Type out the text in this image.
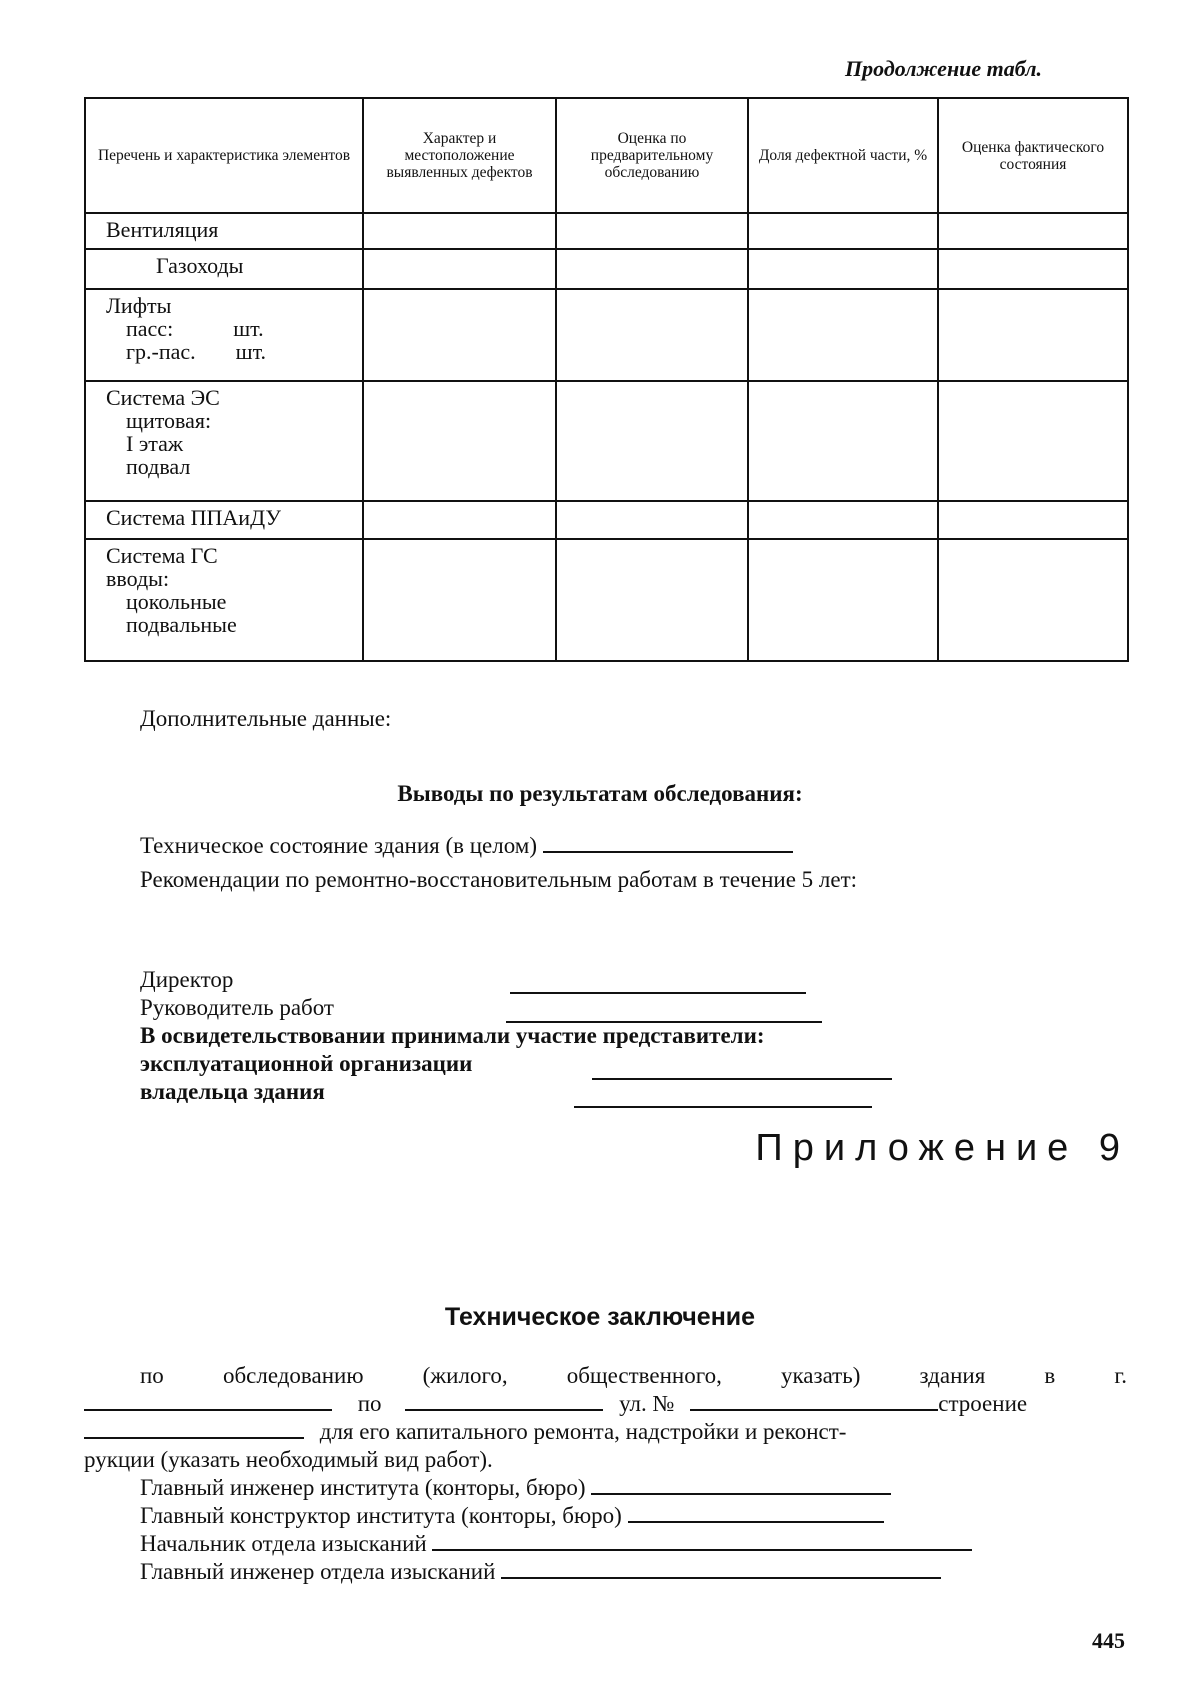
Продолжение табл.
Перечень и характеристика элементов	Характер и местоположение выявленных дефектов	Оценка по предварительному обследованию	Доля дефектной части, %	Оценка фактического состояния
Вентиляция				
Газоходы				

Лифты
пасс: шт.
гр.-пас. шт.				

Система ЭС
щитовая:
I этаж
подвал				

Система ППАиДУ				

Система ГС
вводы:
цокольные
подвальные				

Дополнительные данные:
Выводы по результатам обследования:
Техническое состояние здания (в целом)
Рекомендации по ремонтно-восстановительным работам в течение 5 лет:
Директор
Руководитель работ
В освидетельствовании принимали участие представители:
эксплуатационной организации
владельца здания
Приложение 9
Техническое заключение
по обследованию (жилого, общественного, указать) здания в г.
по	ул. №	строение
для его капитального ремонта, надстройки и реконст-
рукции (указать необходимый вид работ).
Главный инженер института (конторы, бюро)
Главный конструктор института (конторы, бюро)
Начальник отдела изысканий
Главный инженер отдела изысканий
445
